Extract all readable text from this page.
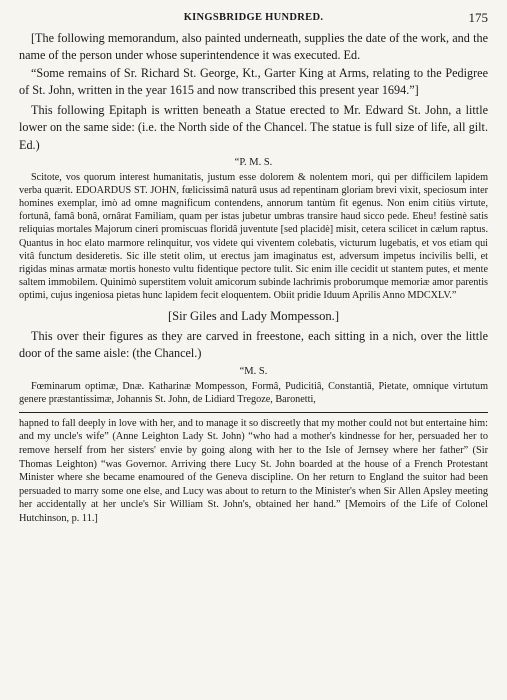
KINGSBRIDGE HUNDRED.	175

[The following memorandum, also painted underneath, supplies the date of the work, and the name of the person under whose superintendence it was executed. Ed.

“Some remains of Sr. Richard St. George, Kt., Garter King at Arms, relating to the Pedigree of St. John, written in the year 1615 and now transcribed this present year 1694.”]

This following Epitaph is written beneath a Statue erected to Mr. Edward St. John, a little lower on the same side: (i.e. the North side of the Chancel. The statue is full size of life, all gilt. Ed.)

“P. M. S.

Scitote, vos quorum interest humanitatis, justum esse dolorem & nolentem mori, qui per difficilem lapidem verba quærit. EDOARDUS ST. JOHN, fœlicissimâ naturâ usus ad repentinam gloriam brevi vixit, speciosum inter homines exemplar, imò ad omne magnificum contendens, annorum tantùm fit egenus. Non enim citiùs virtute, fortunâ, famâ bonâ, ornârat Familiam, quam per istas jubetur umbras transire haud sicco pede. Eheu! festinè satis reliquias mortales Majorum cineri promiscuas floridâ juventute [sed placidè] misit, cetera scilicet in cælum raptus. Quantus in hoc elato marmore relinquitur, vos videte qui viventem colebatis, victurum lugebatis, et vos etiam qui vitâ functum desideretis. Sic ille stetit olim, ut erectus jam imaginatus est, adversum impetus incivilis belli, et rigidas minas armatæ mortis honesto vultu fidentique pectore tulit. Sic enim ille cecidit ut stantem putes, et mente saltem immobilem. Quinimò superstitem voluit amicorum subinde lachrimis proborumque memoriæ amor parentis optimi, cujus ingeniosa pietas hunc lapidem fecit eloquentem. Obiit pridie Iduum Aprilis Anno MDCXLV.”

[Sir Giles and Lady Mompesson.]

This over their figures as they are carved in freestone, each sitting in a nich, over the little door of the same aisle: (the Chancel.)

“M. S.

Fœminarum optimæ, Dnæ. Katharinæ Mompesson, Formâ, Pudicitiâ, Constantiâ, Pietate, omnique virtutum genere præstantissimæ, Johannis St. John, de Lidiard Tregoze, Baronetti,

hapned to fall deeply in love with her, and to manage it so discreetly that my mother could not but entertaine him: and my uncle's wife” (Anne Leighton Lady St. John) “who had a mother's kindnesse for her, persuaded her to remove herself from her sisters' envie by going along with her to the Isle of Jernsey where her father” (Sir Thomas Leighton) “was Governor. Arriving there Lucy St. John boarded at the house of a French Protestant Minister where she became enamoured of the Geneva discipline. On her return to England the suitor had been persuaded to marry some one else, and Lucy was about to return to the Minister's when Sir Allen Apsley meeting her accidentally at her uncle's Sir William St. John's, obtained her hand.” [Memoirs of the Life of Colonel Hutchinson, p. 11.]
